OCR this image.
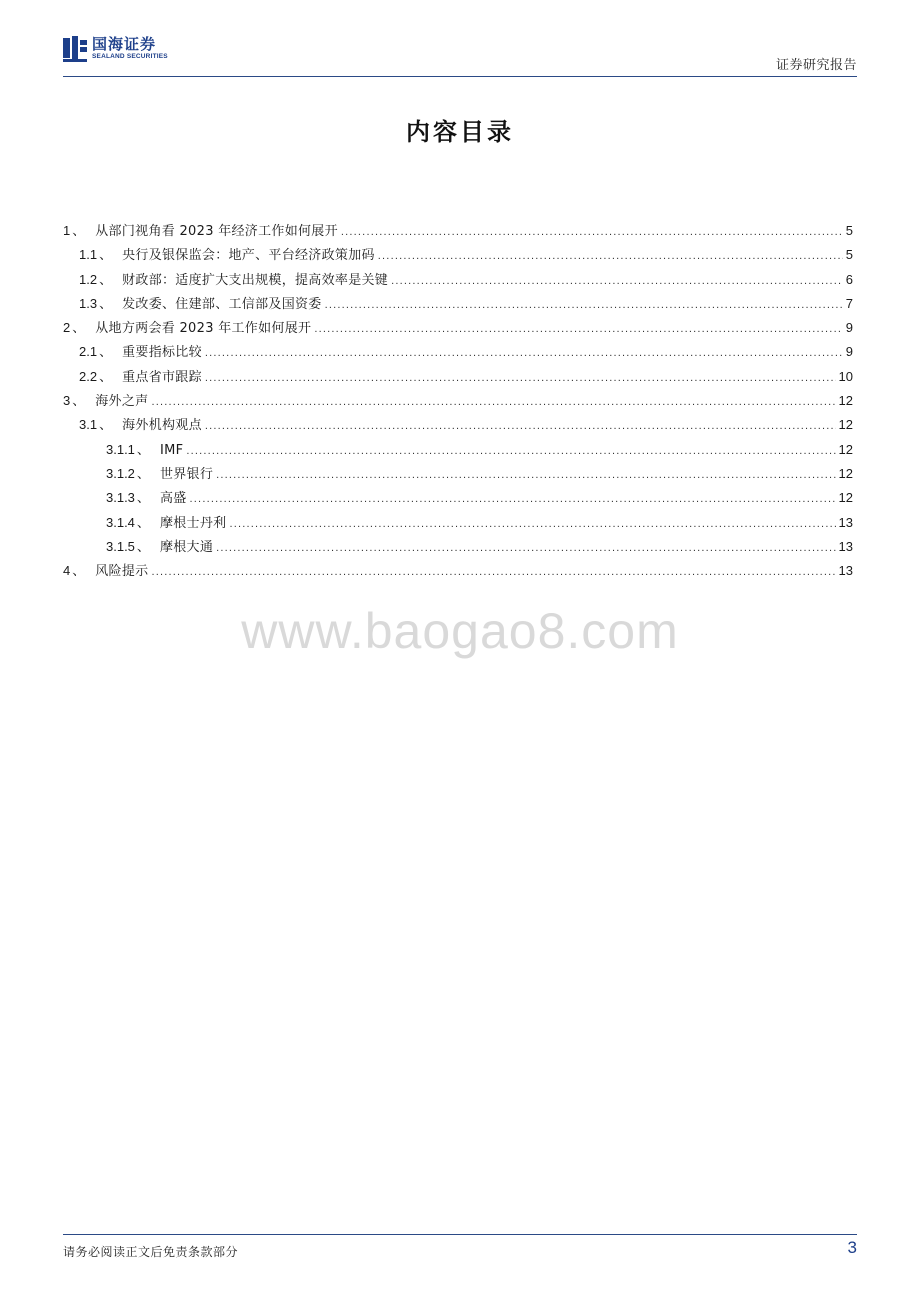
国海证券
SEALAND SECURITIES
证券研究报告
内容目录
1 、 从部门视角看 2023 年经济工作如何展开 .....	5
1.1 、 央行及银保监会：地产、平台经济政策加码 .....	5
1.2 、 财政部：适度扩大支出规模，提高效率是关键 .....	6
1.3 、 发改委、住建部、工信部及国资委 .....	7
2 、 从地方两会看 2023 年工作如何展开 .....	9
2.1 、 重要指标比较 .....	9
2.2 、 重点省市跟踪 .....	10
3 、 海外之声 .....	12
3.1 、 海外机构观点 .....	12
3.1.1 、 IMF .....	12
3.1.2 、 世界银行 .....	12
3.1.3 、 高盛 .....	12
3.1.4 、 摩根士丹利 .....	13
3.1.5 、 摩根大通 .....	13
4 、 风险提示 .....	13
www.baogao8.com
请务必阅读正文后免责条款部分	3
